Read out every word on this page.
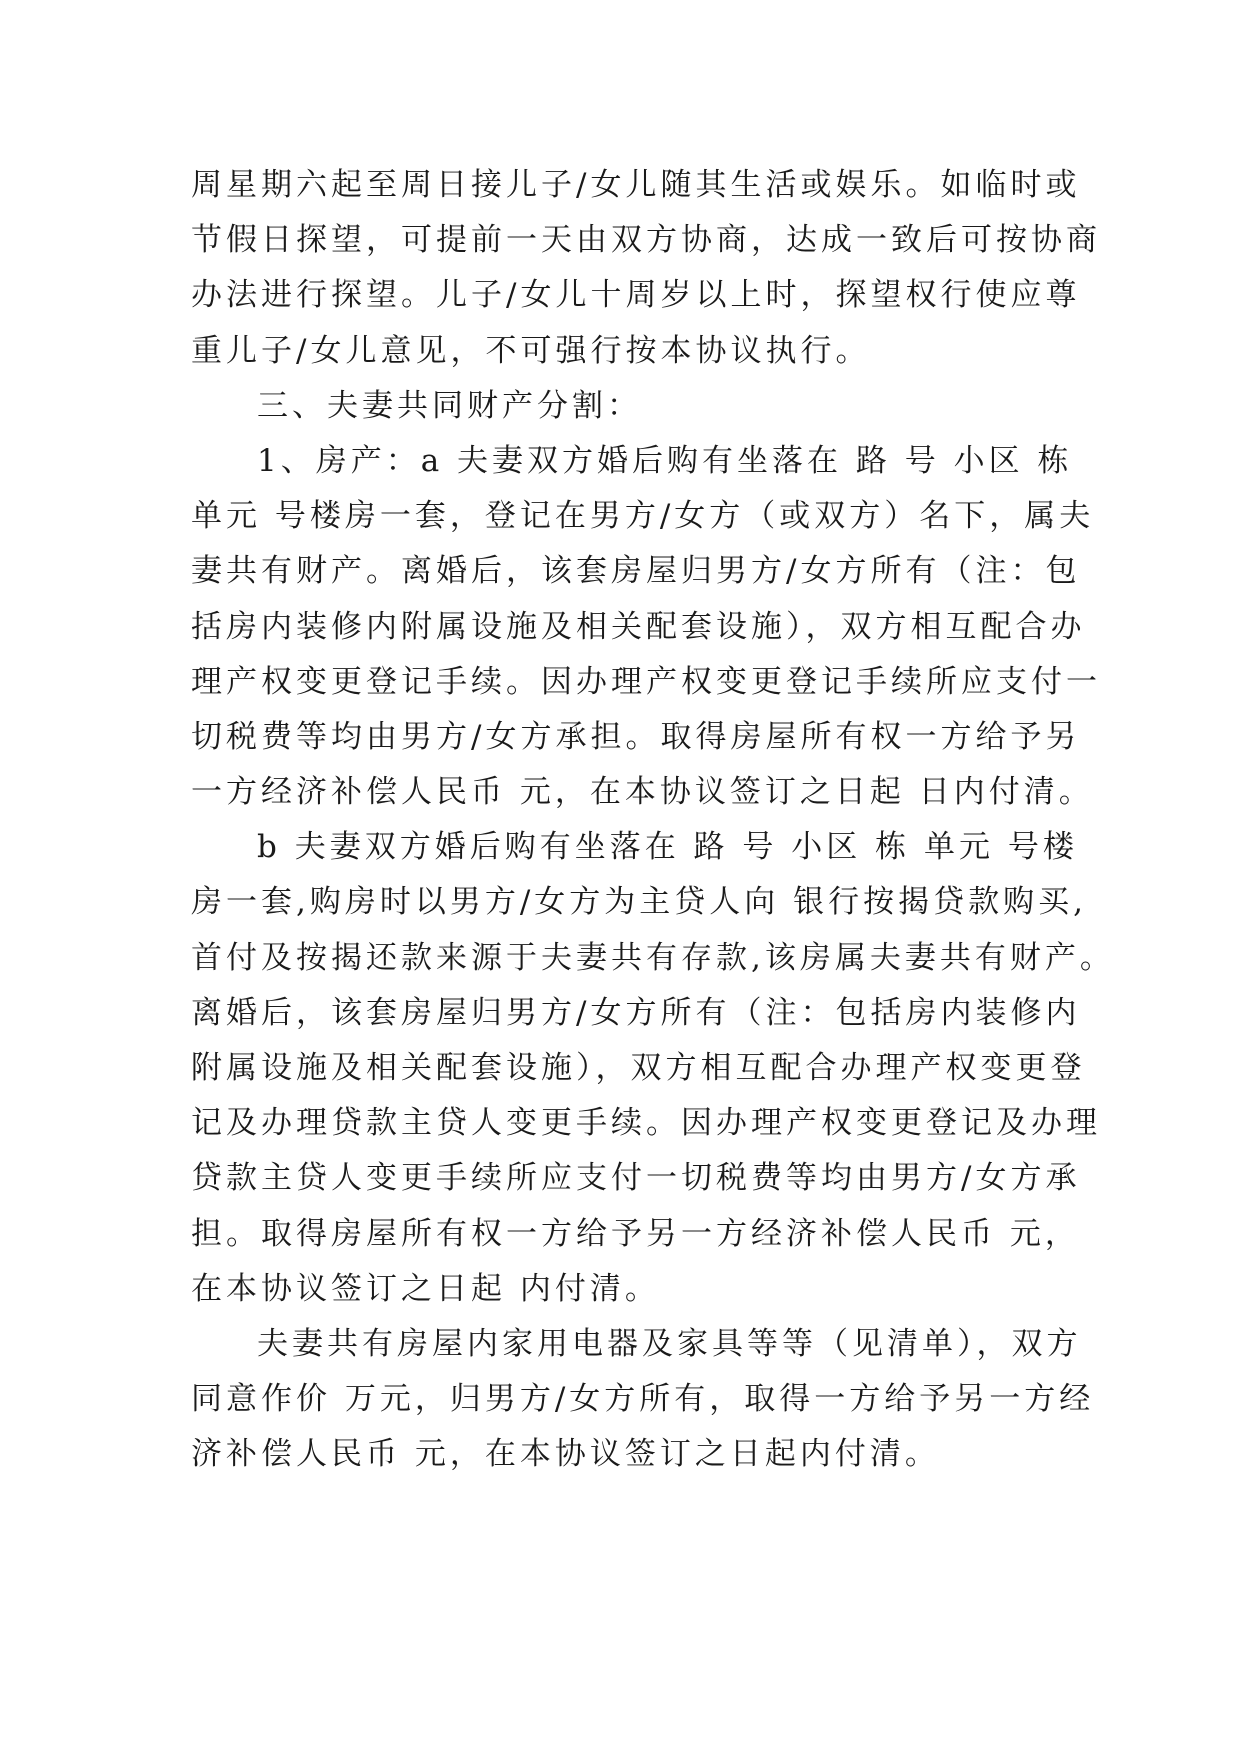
周星期六起至周日接儿子/女儿随其生活或娱乐。如临时或
节假日探望，可提前一天由双方协商，达成一致后可按协商
办法进行探望。儿子/女儿十周岁以上时，探望权行使应尊
重儿子/女儿意见，不可强行按本协议执行。
三、夫妻共同财产分割：
1、房产：a 夫妻双方婚后购有坐落在 路 号 小区 栋
单元 号楼房一套，登记在男方/女方（或双方）名下，属夫
妻共有财产。离婚后，该套房屋归男方/女方所有（注：包
括房内装修内附属设施及相关配套设施），双方相互配合办
理产权变更登记手续。因办理产权变更登记手续所应支付一
切税费等均由男方/女方承担。取得房屋所有权一方给予另
一方经济补偿人民币 元，在本协议签订之日起 日内付清。
b 夫妻双方婚后购有坐落在 路 号 小区 栋 单元 号楼
房一套,购房时以男方/女方为主贷人向 银行按揭贷款购买,
首付及按揭还款来源于夫妻共有存款,该房属夫妻共有财产。
离婚后，该套房屋归男方/女方所有（注：包括房内装修内
附属设施及相关配套设施），双方相互配合办理产权变更登
记及办理贷款主贷人变更手续。因办理产权变更登记及办理
贷款主贷人变更手续所应支付一切税费等均由男方/女方承
担。取得房屋所有权一方给予另一方经济补偿人民币 元，
在本协议签订之日起 内付清。
夫妻共有房屋内家用电器及家具等等（见清单），双方
同意作价 万元，归男方/女方所有，取得一方给予另一方经
济补偿人民币 元，在本协议签订之日起内付清。
